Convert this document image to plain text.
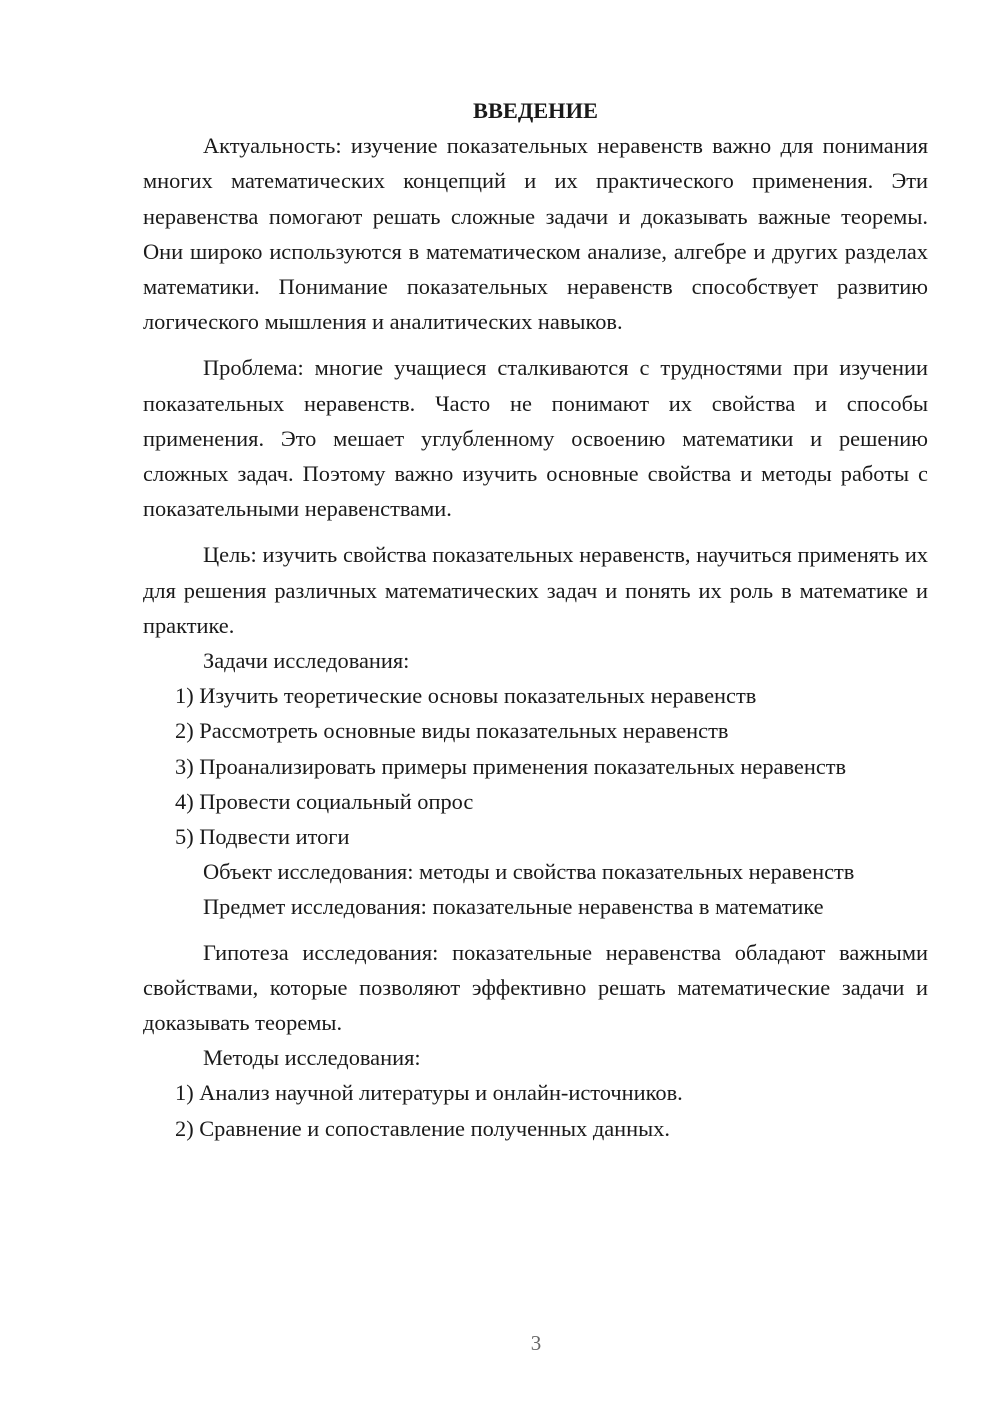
ВВЕДЕНИЕ

Актуальность: изучение показательных неравенств важно для понимания многих математических концепций и их практического применения. Эти неравенства помогают решать сложные задачи и доказывать важные теоремы. Они широко используются в математическом анализе, алгебре и других разделах математики. Понимание показательных неравенств способствует развитию логического мышления и аналитических навыков.

Проблема: многие учащиеся сталкиваются с трудностями при изучении показательных неравенств. Часто не понимают их свойства и способы применения. Это мешает углубленному освоению математики и решению сложных задач. Поэтому важно изучить основные свойства и методы работы с показательными неравенствами.

Цель: изучить свойства показательных неравенств, научиться применять их для решения различных математических задач и понять их роль в математике и практике.

Задачи исследования:

1) Изучить теоретические основы показательных неравенств

2) Рассмотреть основные виды показательных неравенств

3) Проанализировать примеры применения показательных неравенств

4) Провести социальный опрос

5) Подвести итоги

Объект исследования: методы и свойства показательных неравенств

Предмет исследования: показательные неравенства в математике

Гипотеза исследования: показательные неравенства обладают важными свойствами, которые позволяют эффективно решать математические задачи и доказывать теоремы.

Методы исследования:

1) Анализ научной литературы и онлайн-источников.

2) Сравнение и сопоставление полученных данных.

3
